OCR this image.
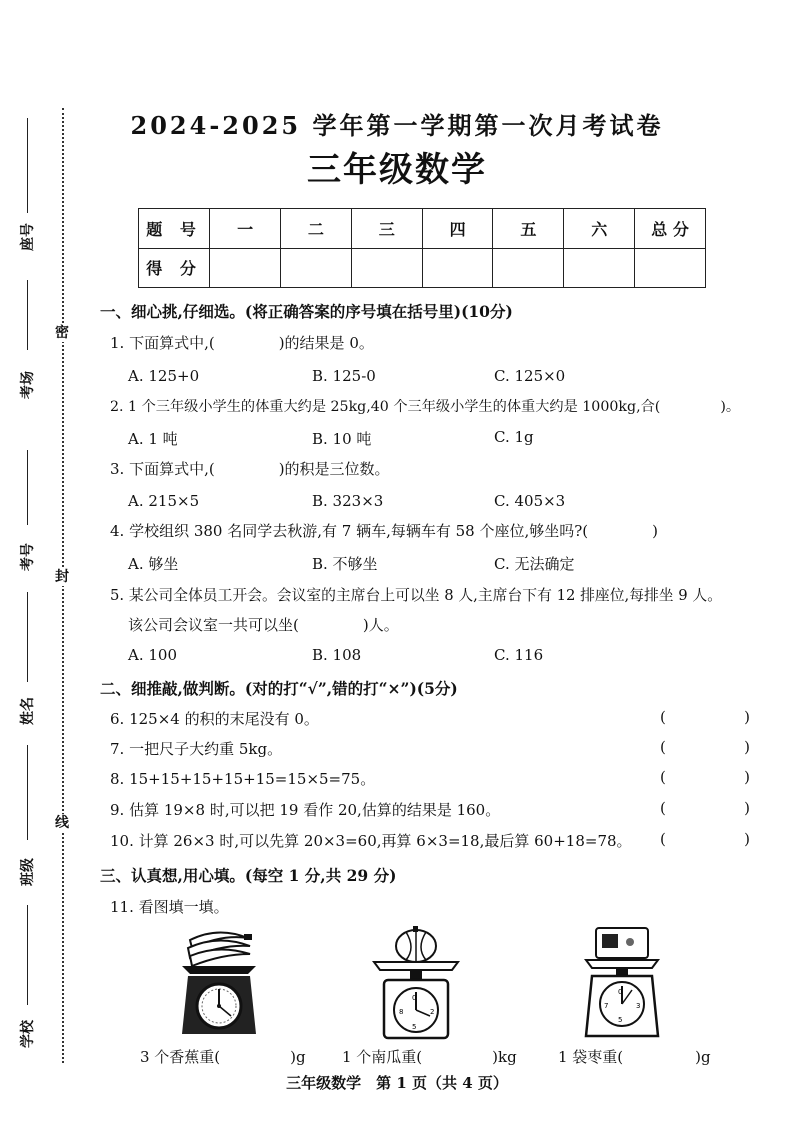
座号
考场
考号
姓名
班级
学校
密
封
线
2024-2025 学年第一学期第一次月考试卷
三年级数学
题 号	一	二	三	四	五	六	总 分
得 分							
一、细心挑,仔细选。(将正确答案的序号填在括号里)(10分)
1. 下面算式中,(	)的结果是 0。
A. 125+0	B. 125-0	C. 125×0
2. 1 个三年级小学生的体重大约是 25kg,40 个三年级小学生的体重大约是 1000kg,合(	)。
A. 1 吨	B. 10 吨	C. 1g
3. 下面算式中,(	)的积是三位数。
A. 215×5	B. 323×3	C. 405×3
4. 学校组织 380 名同学去秋游,有 7 辆车,每辆车有 58 个座位,够坐吗?(	)
A. 够坐	B. 不够坐	C. 无法确定
5. 某公司全体员工开会。会议室的主席台上可以坐 8 人,主席台下有 12 排座位,每排坐 9 人。
该公司会议室一共可以坐(	)人。
A. 100	B. 108	C. 116
二、细推敲,做判断。(对的打“√”,错的打“×”)(5分)
6. 125×4 的积的末尾没有 0。	(	)
7. 一把尺子大约重 5kg。	(	)
8. 15+15+15+15+15=15×5=75。	(	)
9. 估算 19×8 时,可以把 19 看作 20,估算的结果是 160。	(	)
10. 计算 26×3 时,可以先算 20×3=60,再算 6×3=18,最后算 60+18=78。 (	)
三、认真想,用心填。(每空 1 分,共 29 分)
11. 看图填一填。
0
2
8
5
0
3
7
5
3 个香蕉重(	)g 1 个南瓜重(	)kg	1 袋枣重(	)g
三年级数学　第 1 页（共 4 页）
